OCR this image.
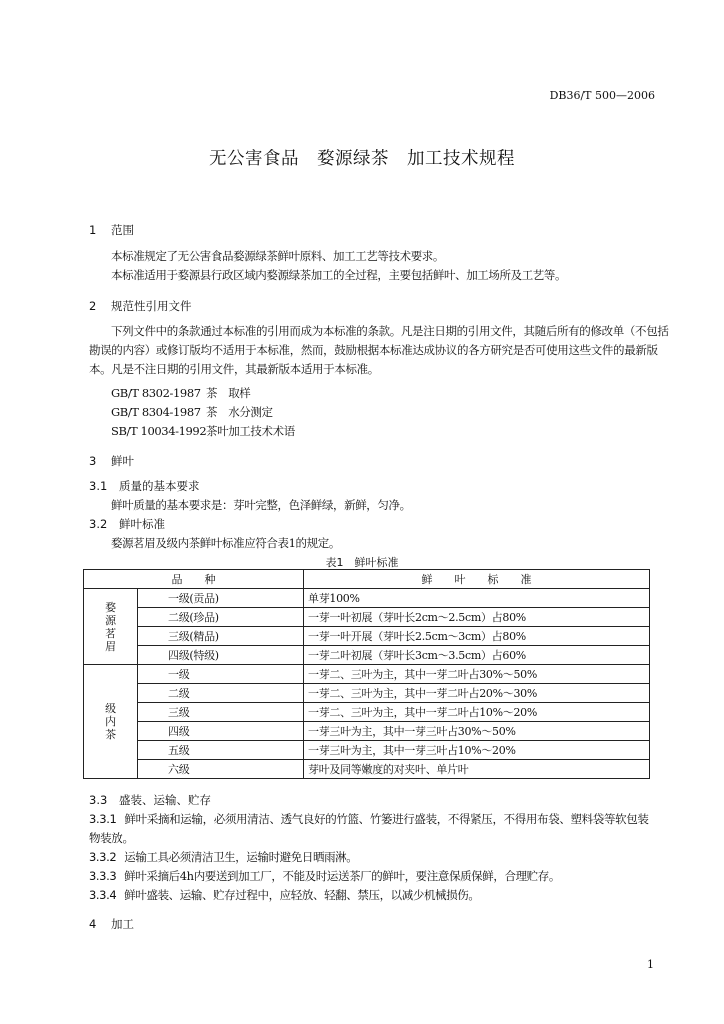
DB36/T 500—2006
无公害食品　婺源绿茶　加工技术规程
1 范围
本标准规定了无公害食品婺源绿茶鲜叶原料、加工工艺等技术要求。
本标准适用于婺源县行政区域内婺源绿茶加工的全过程，主要包括鲜叶、加工场所及工艺等。
2 规范性引用文件
下列文件中的条款通过本标准的引用而成为本标准的条款。凡是注日期的引用文件，其随后所有的修改单（不包括勘误的内容）或修订版均不适用于本标准，然而，鼓励根据本标准达成协议的各方研究是否可使用这些文件的最新版本。凡是不注日期的引用文件，其最新版本适用于本标准。
GB/T 8302-1987 茶　取样
GB/T 8304-1987 茶　水分测定
SB/T 10034-1992茶叶加工技术术语
3 鲜叶
3.1 质量的基本要求
鲜叶质量的基本要求是：芽叶完整，色泽鲜绿，新鲜，匀净。
3.2 鲜叶标准
婺源茗眉及级内茶鲜叶标准应符合表1的规定。
表1　鲜叶标准
品　　种		鲜　　叶　　标　　准
婺源茗眉	一级(贡品)	单芽100%
	二级(珍品)	一芽一叶初展（芽叶长2cm～2.5cm）占80%
	三级(精品)	一芽一叶开展（芽叶长2.5cm～3cm）占80%
	四级(特级)	一芽二叶初展（芽叶长3cm～3.5cm）占60%
级内茶	一级	一芽二、三叶为主，其中一芽二叶占30%～50%
	二级	一芽二、三叶为主，其中一芽二叶占20%～30%
	三级	一芽二、三叶为主，其中一芽二叶占10%～20%
	四级	一芽三叶为主，其中一芽三叶占30%～50%
	五级	一芽三叶为主，其中一芽三叶占10%～20%
	六级	芽叶及同等嫩度的对夹叶、单片叶
3.3 盛装、运输、贮存
3.3.1 鲜叶采摘和运输，必须用清洁、透气良好的竹篮、竹篓进行盛装，不得紧压，不得用布袋、塑料袋等软包装物装放。
3.3.2 运输工具必须清洁卫生，运输时避免日晒雨淋。
3.3.3 鲜叶采摘后4h内要送到加工厂，不能及时运送茶厂的鲜叶，要注意保质保鲜，合理贮存。
3.3.4 鲜叶盛装、运输、贮存过程中，应轻放、轻翻、禁压，以减少机械损伤。
4 加工
1
